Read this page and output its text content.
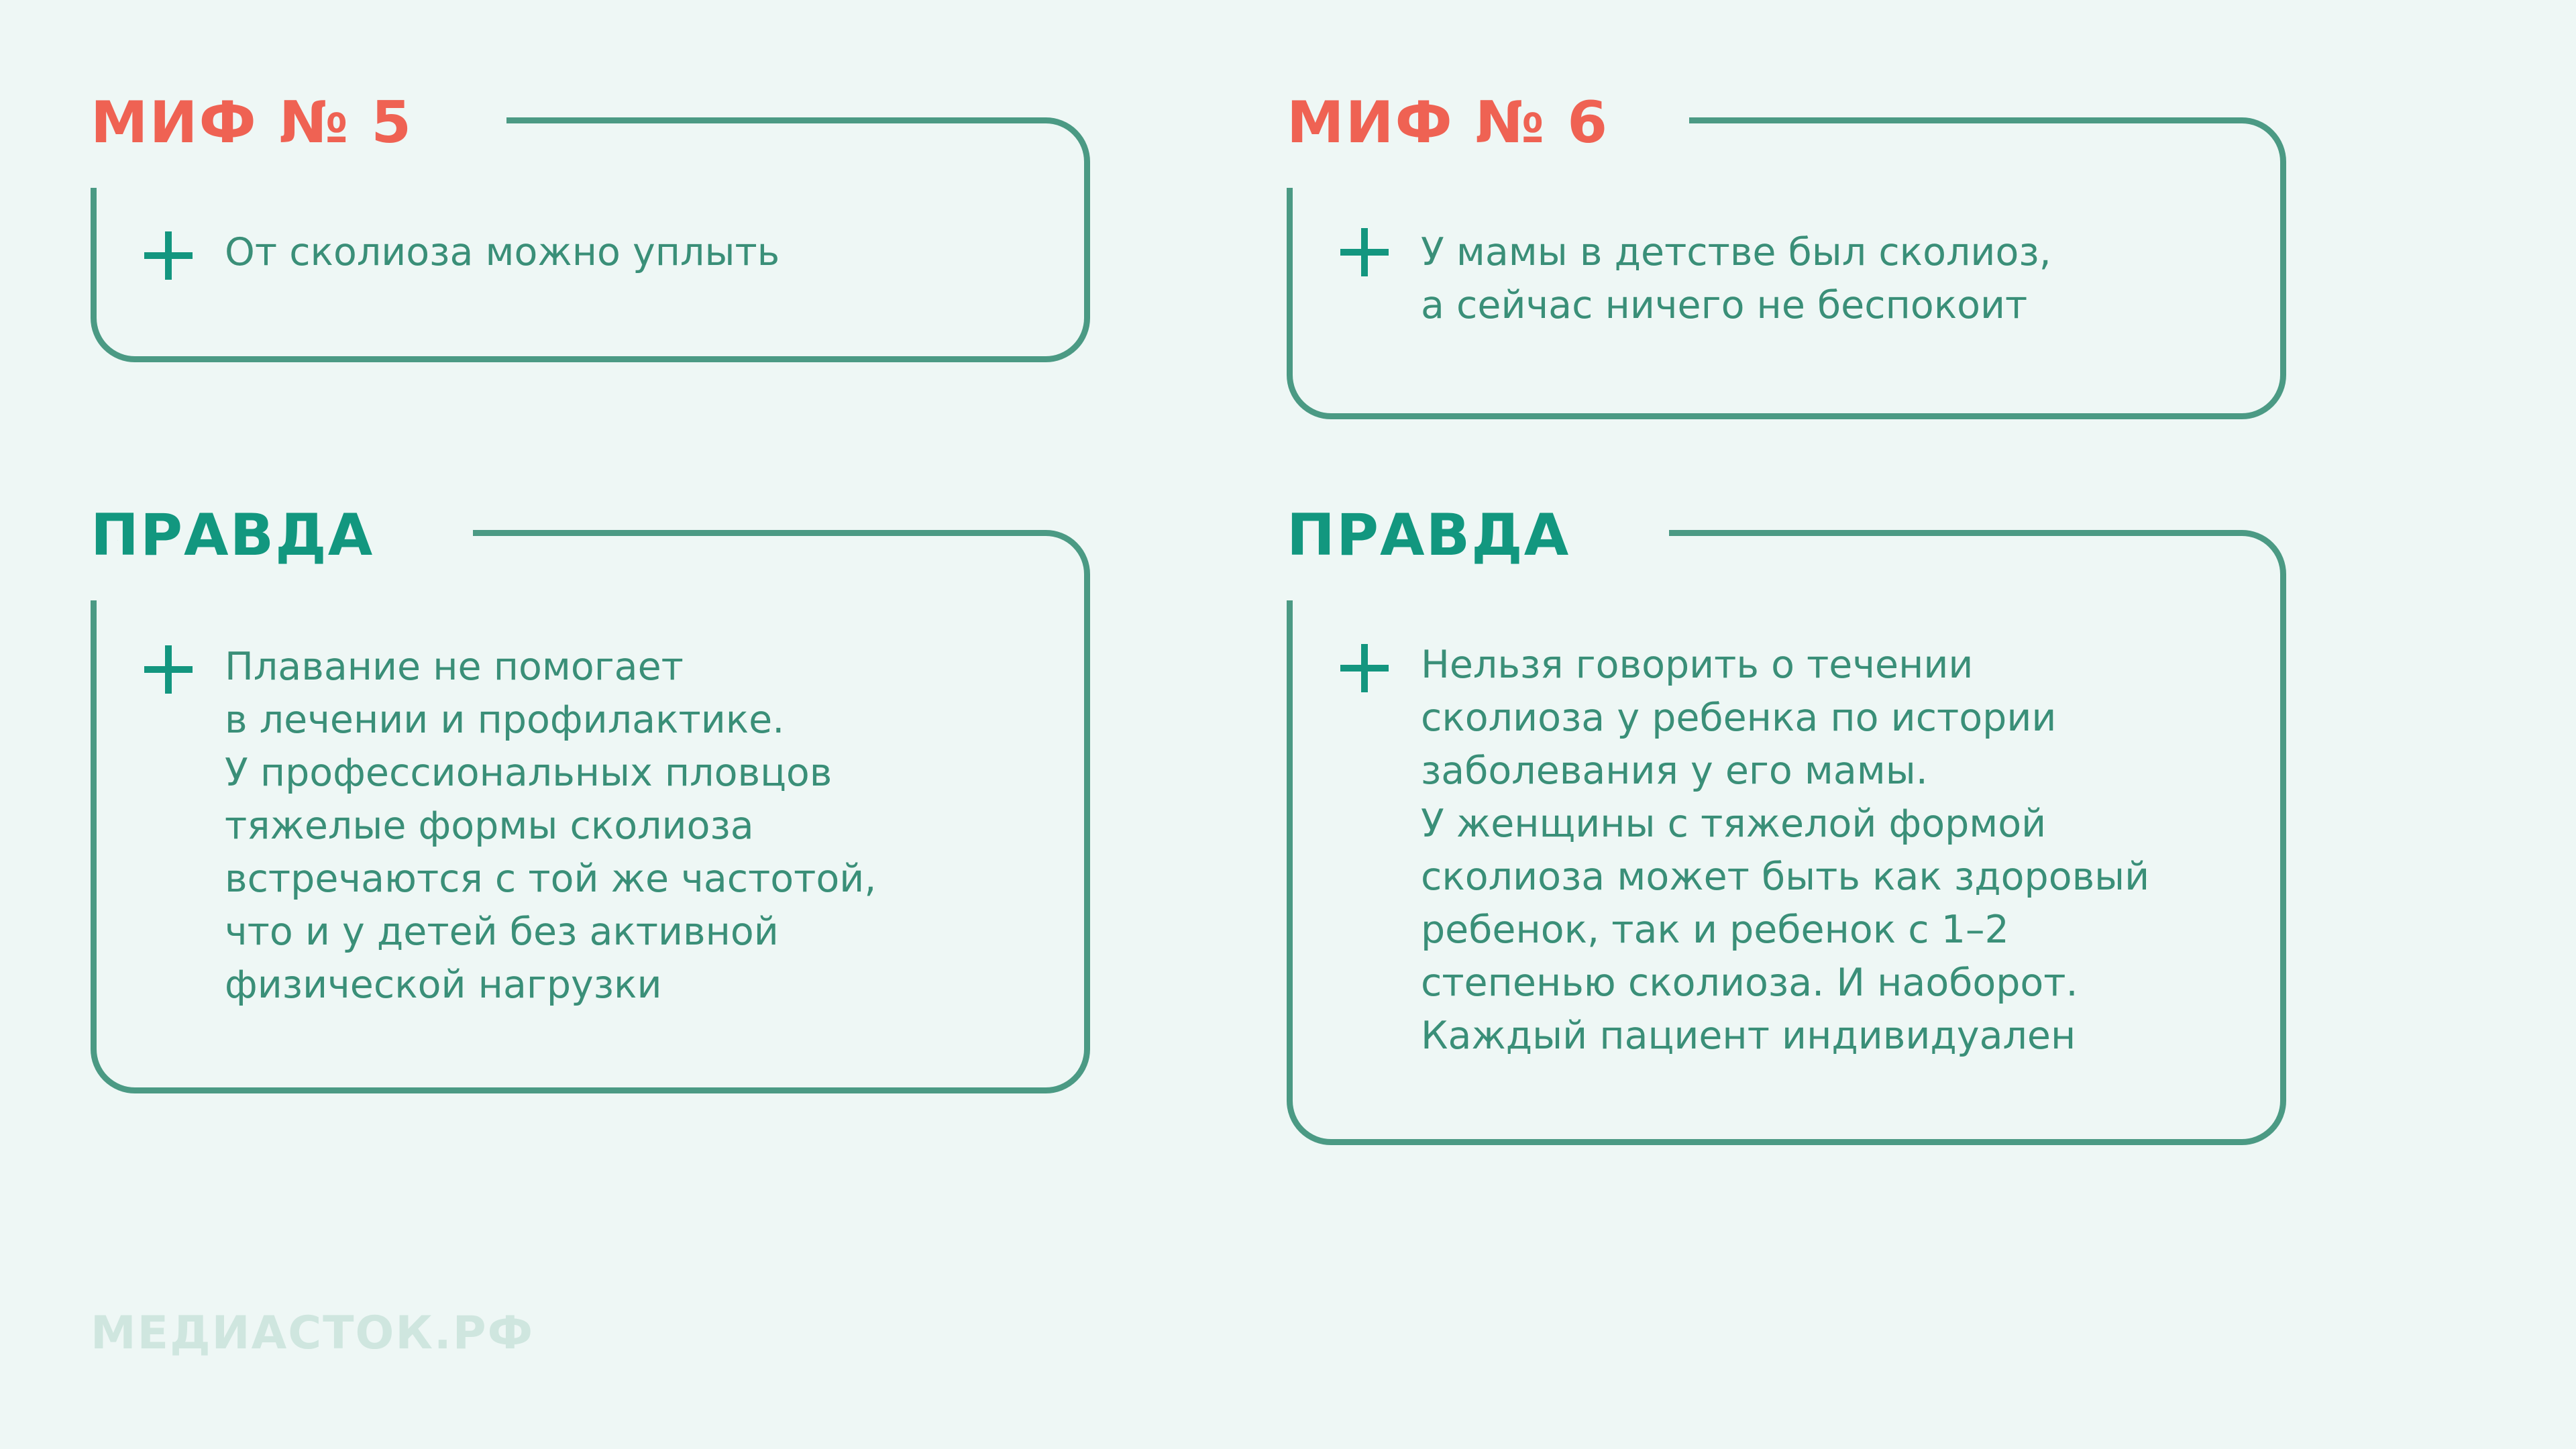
МИФ № 5
От сколиоза можно уплыть
МИФ № 6
У мамы в детстве был сколиоз,
а сейчас ничего не беспокоит
ПРАВДА
Плавание не помогает
в лечении и профилактике.
У профессиональных пловцов
тяжелые формы сколиоза
встречаются с той же частотой,
что и у детей без активной
физической нагрузки
ПРАВДА
Нельзя говорить о течении
сколиоза у ребенка по истории
заболевания у его мамы.
У женщины с тяжелой формой
сколиоза может быть как здоровый
ребенок, так и ребенок с 1–2
степенью сколиоза. И наоборот.
Каждый пациент индивидуален
МЕДИАСТОК.РФ
